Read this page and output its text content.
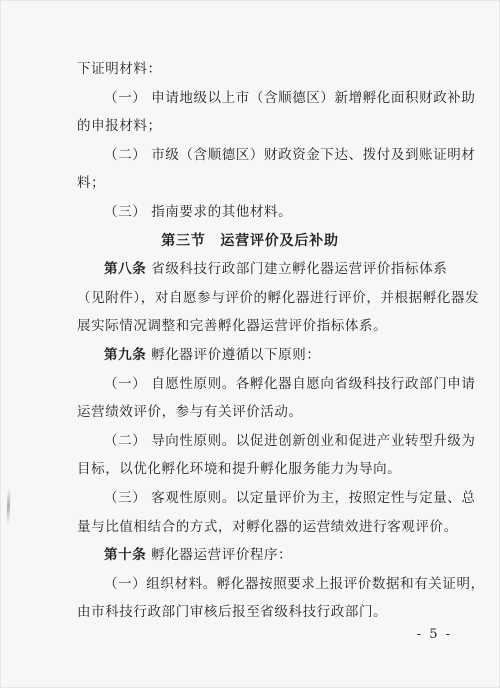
下证明材料：
（一） 申请地级以上市（含顺德区）新增孵化面积财政补助
的申报材料；
（二） 市级（含顺德区）财政资金下达、拨付及到账证明材
料；
（三） 指南要求的其他材料。
第三节　运营评价及后补助
第八条 省级科技行政部门建立孵化器运营评价指标体系
（见附件），对自愿参与评价的孵化器进行评价，并根据孵化器发
展实际情况调整和完善孵化器运营评价指标体系。
第九条 孵化器评价遵循以下原则：
（一） 自愿性原则。各孵化器自愿向省级科技行政部门申请
运营绩效评价，参与有关评价活动。
（二） 导向性原则。以促进创新创业和促进产业转型升级为
目标，以优化孵化环境和提升孵化服务能力为导向。
（三） 客观性原则。以定量评价为主，按照定性与定量、总
量与比值相结合的方式，对孵化器的运营绩效进行客观评价。
第十条 孵化器运营评价程序：
（一）组织材料。孵化器按照要求上报评价数据和有关证明，
由市科技行政部门审核后报至省级科技行政部门。
- 5 -
